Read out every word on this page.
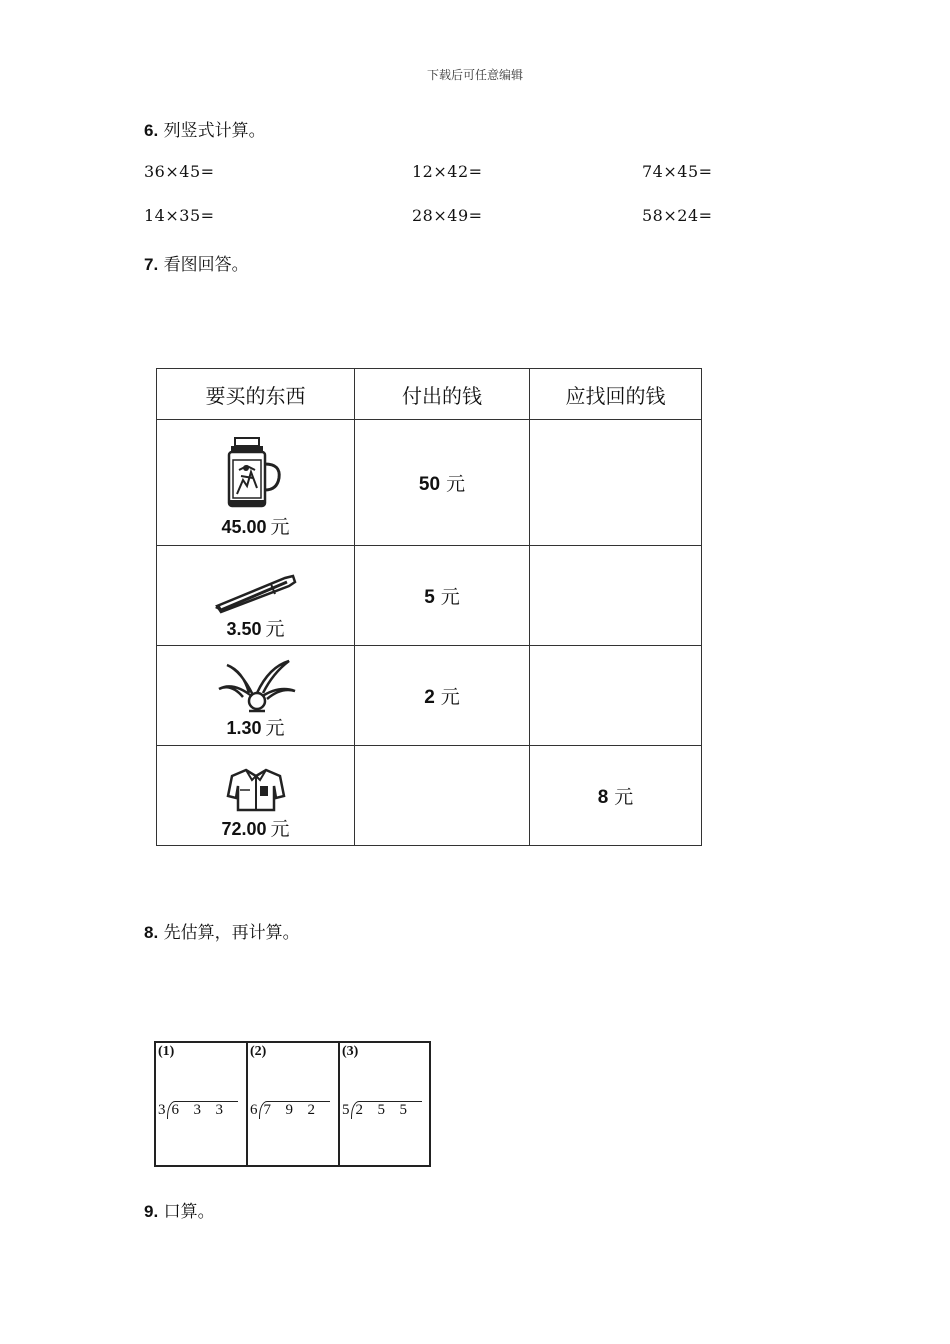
下载后可任意编辑
6. 列竖式计算。
36×45=	12×42=	74×45=
14×35=	28×49=	58×24=
7. 看图回答。
要买的东西	付出的钱	应找回的钱

45.00 元	50 元	

3.50 元	5 元	

1.30 元	2 元	

72.00 元		8 元
8. 先估算，再计算。
(1)
3 6 3 3
(2)
6 7 9 2
(3)
5 2 5 5
9. 口算。
